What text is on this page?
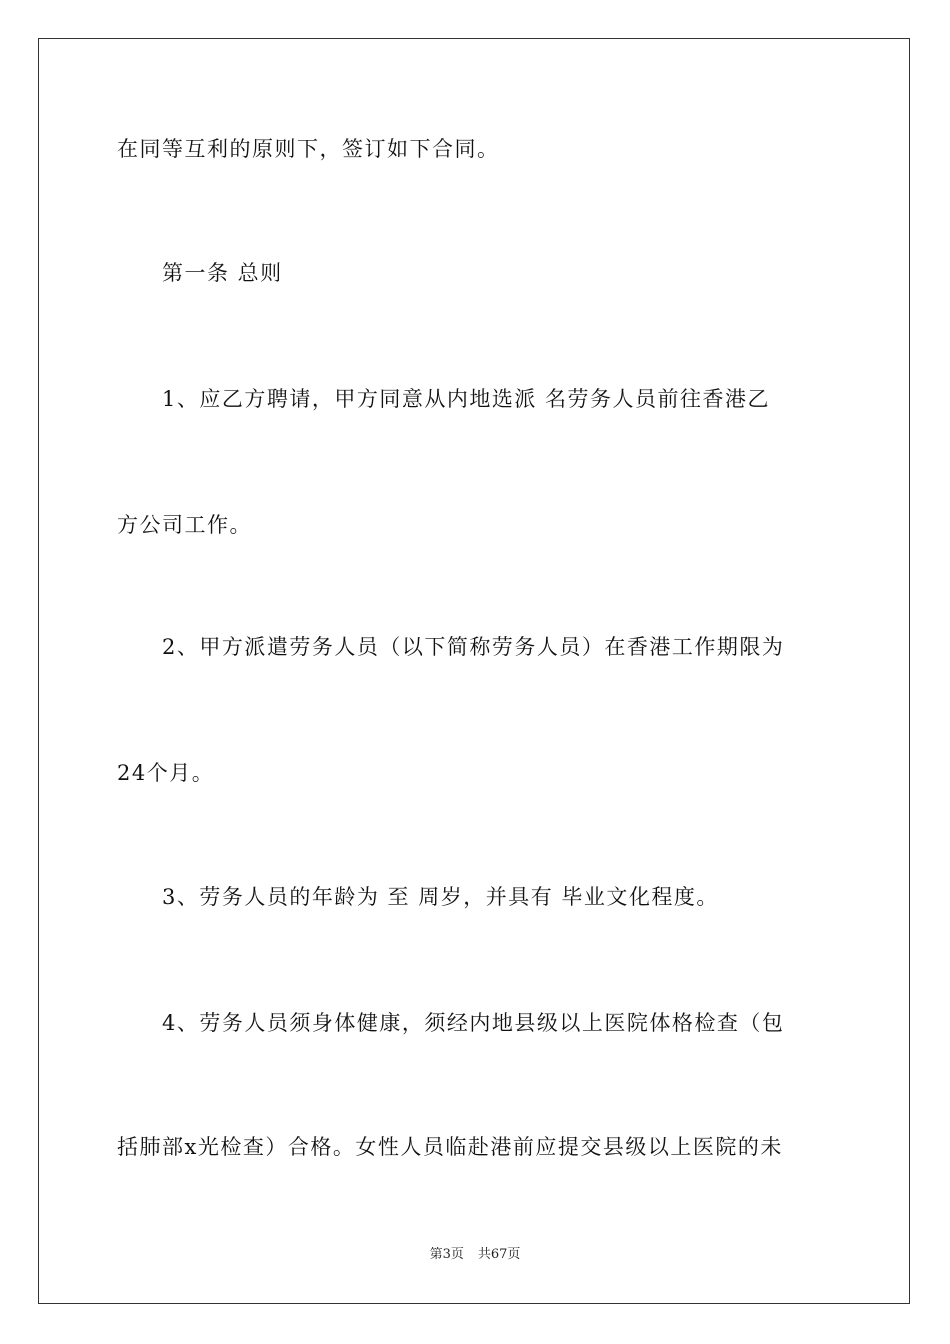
在同等互利的原则下，签订如下合同。
第一条 总则
1、应乙方聘请，甲方同意从内地选派 名劳务人员前往香港乙
方公司工作。
2、甲方派遣劳务人员（以下简称劳务人员）在香港工作期限为
24个月。
3、劳务人员的年龄为 至 周岁，并具有 毕业文化程度。
4、劳务人员须身体健康，须经内地县级以上医院体格检查（包
括肺部x光检查）合格。女性人员临赴港前应提交县级以上医院的未
第3页 共67页
